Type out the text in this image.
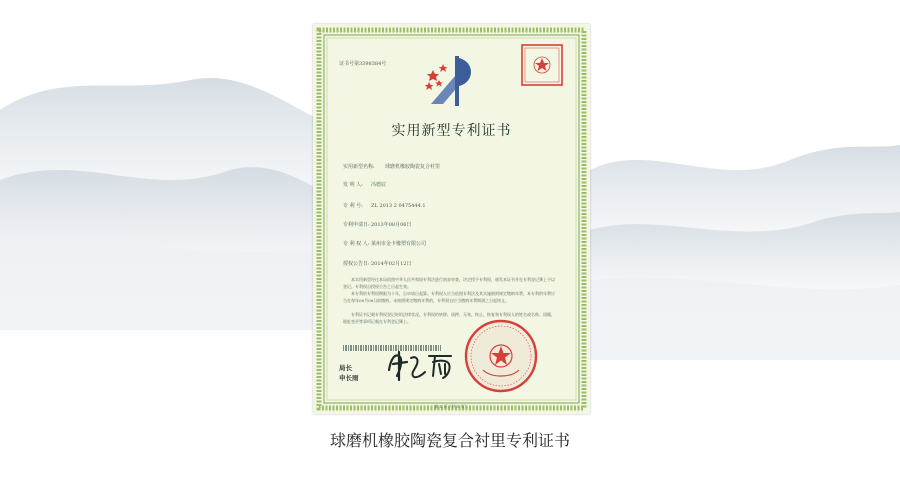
证书号第3398384号
实用新型专利证书
实用新型名称: 球磨机橡胶陶瓷复合衬里
发 明 人: 冯德辰
专 利 号: ZL 2013 2 0475444.1
专利申请日: 2013年08月06日
专 利 权 人: 莱州市金卡橡塑有限公司
授权公告日: 2014年02月12日
本实用新型经过本局依照中华人民共和国专利法进行初步审查，决定授予专利权，颁发本证书并在专利登记簿上予以登记。专利权自授权公告之日起生效。
本专利的专利权期限为十年，自申请日起算。专利权人应当依照专利法及其实施细则规定缴纳年费。本专利的年费应当在每年08月06日前缴纳。未按照规定缴纳年费的，专利权自应当缴纳年费期满之日起终止。
专利证书记载专利权登记时的法律状况。专利权的转移、质押、无效、终止、恢复和专利权人的姓名或名称、国籍、地址变更等事项记载在专利登记簿上。
局长
申长雨
第 1 页（共 1 页）
球磨机橡胶陶瓷复合衬里专利证书
